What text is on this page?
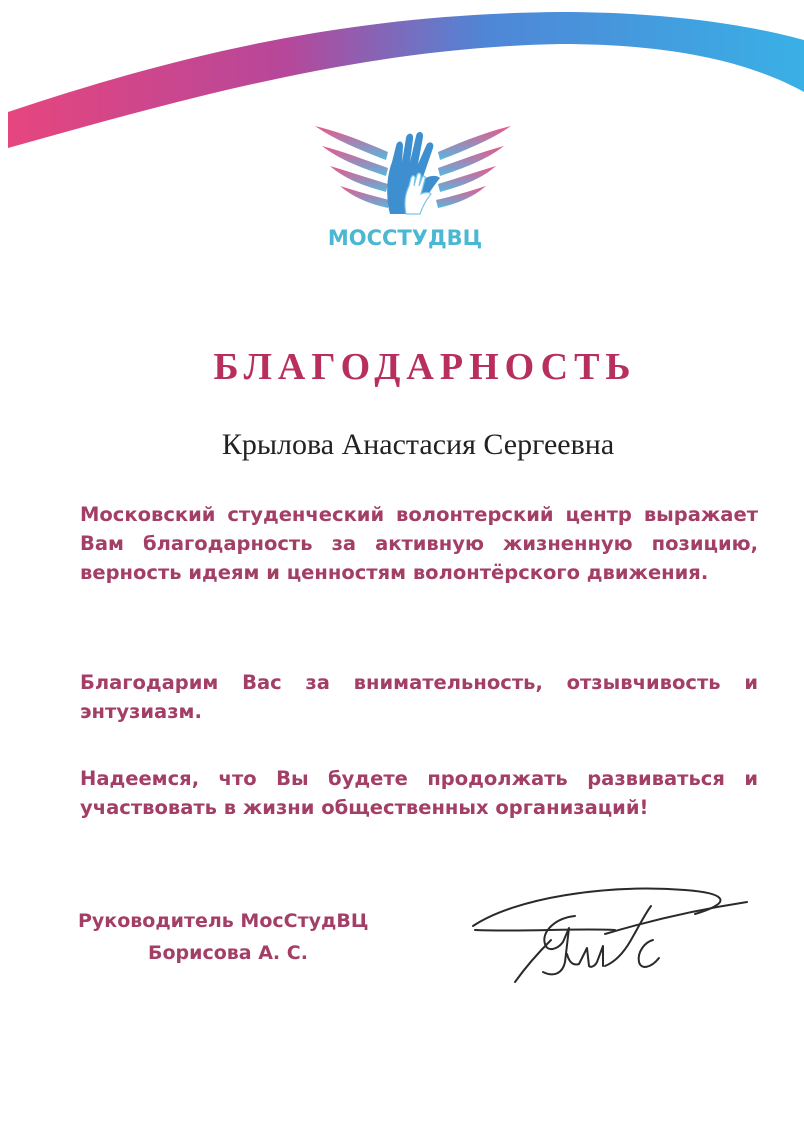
МОССТУДВЦ
БЛАГОДАРНОСТЬ
Крылова Анастасия Сергеевна
Московский студенческий волонтерский центр выражает Вам благодарность за активную жизненную позицию, верность идеям и ценностям волонтёрского движения.
Благодарим Вас за внимательность, отзывчивость и энтузиазм.
Надеемся, что Вы будете продолжать развиваться и участвовать в жизни общественных организаций!
Руководитель МосСтудВЦ
Борисова А. С.
